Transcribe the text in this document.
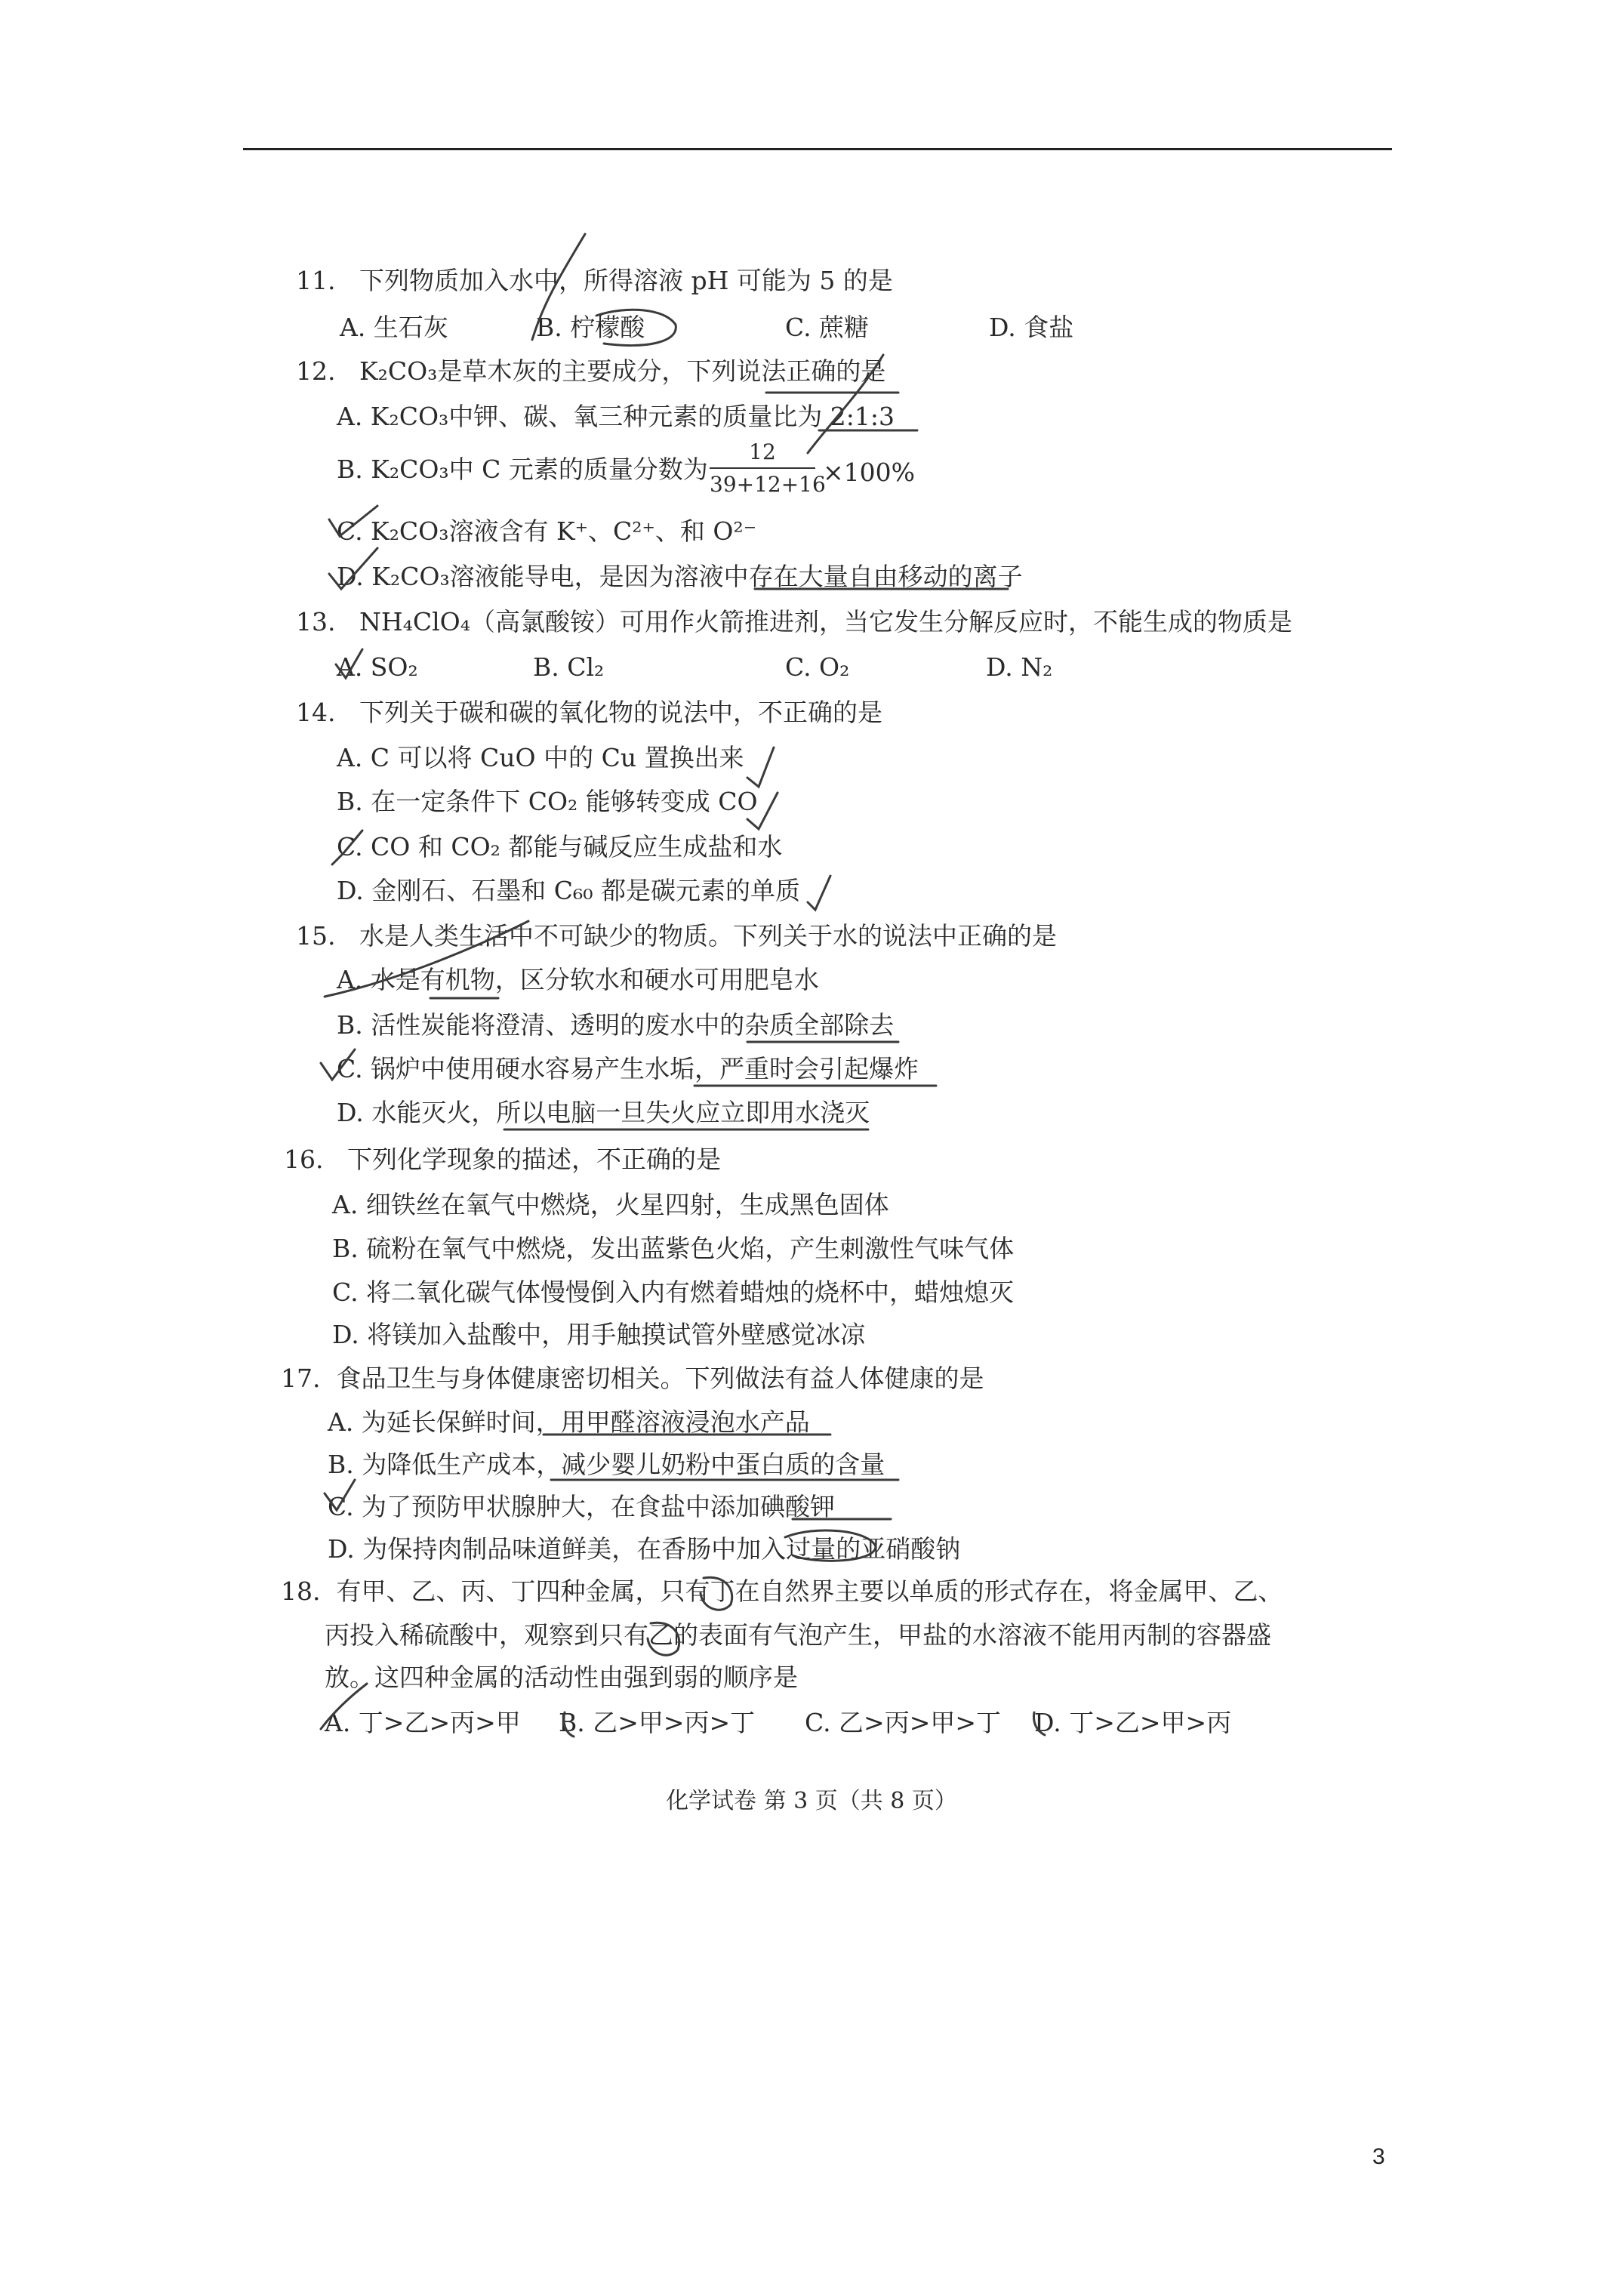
11. 下列物质加入水中，所得溶液 pH 可能为 5 的是
A. 生石灰	B. 柠檬酸	C. 蔗糖	D. 食盐
12. K₂CO₃是草木灰的主要成分，下列说法正确的是
A. K₂CO₃中钾、碳、氧三种元素的质量比为 2:1:3
B. K₂CO₃中 C 元素的质量分数为 $\frac{12}{39+12+16} \times 100\%$
C. K₂CO₃溶液含有 K⁺、C²⁺、和 O²⁻
D. K₂CO₃溶液能导电，是因为溶液中存在大量自由移动的离子
13. NH₄ClO₄（高氯酸铵）可用作火箭推进剂，当它发生分解反应时，不能生成的物质是
A. SO₂	B. Cl₂	C. O₂	D. N₂
14. 下列关于碳和碳的氧化物的说法中，不正确的是
A. C 可以将 CuO 中的 Cu 置换出来
B. 在一定条件下 CO₂ 能够转变成 CO
C. CO 和 CO₂ 都能与碱反应生成盐和水
D. 金刚石、石墨和 C₆₀ 都是碳元素的单质
15. 水是人类生活中不可缺少的物质。下列关于水的说法中正确的是
A. 水是有机物，区分软水和硬水可用肥皂水
B. 活性炭能将澄清、透明的废水中的杂质全部除去
C. 锅炉中使用硬水容易产生水垢，严重时会引起爆炸
D. 水能灭火，所以电脑一旦失火应立即用水浇灭
16. 下列化学现象的描述，不正确的是
A. 细铁丝在氧气中燃烧，火星四射，生成黑色固体
B. 硫粉在氧气中燃烧，发出蓝紫色火焰，产生刺激性气味气体
C. 将二氧化碳气体慢慢倒入内有燃着蜡烛的烧杯中，蜡烛熄灭
D. 将镁加入盐酸中，用手触摸试管外壁感觉冰凉
17. 食品卫生与身体健康密切相关。下列做法有益人体健康的是
A. 为延长保鲜时间，用甲醛溶液浸泡水产品
B. 为降低生产成本，减少婴儿奶粉中蛋白质的含量
C. 为了预防甲状腺肿大，在食盐中添加碘酸钾
D. 为保持肉制品味道鲜美，在香肠中加入过量的亚硝酸钠
18. 有甲、乙、丙、丁四种金属，只有丁在自然界主要以单质的形式存在，将金属甲、乙、
丙投入稀硫酸中，观察到只有乙的表面有气泡产生，甲盐的水溶液不能用丙制的容器盛
放。这四种金属的活动性由强到弱的顺序是
A. 丁>乙>丙>甲 B. 乙>甲>丙>丁 C. 乙>丙>甲>丁 D. 丁>乙>甲>丙
化学试卷 第 3 页（共 8 页）
3
